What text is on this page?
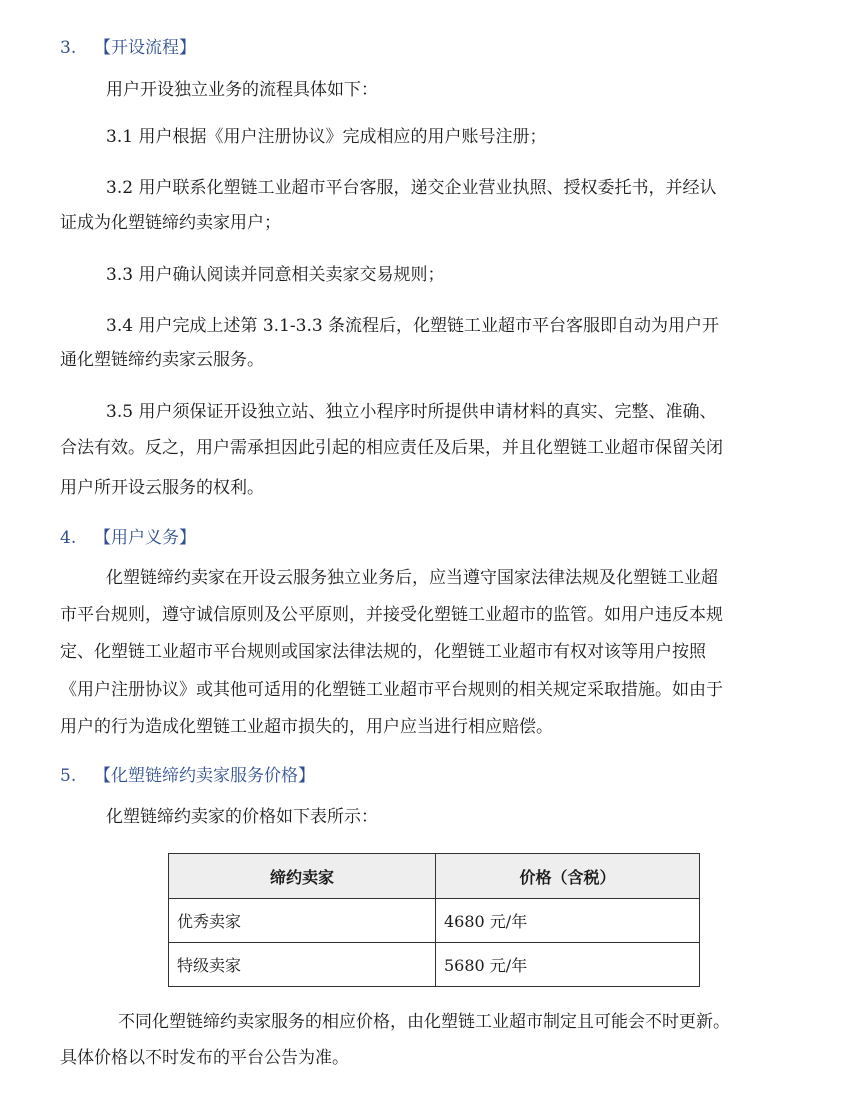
3. 【开设流程】
用户开设独立业务的流程具体如下：
3.1 用户根据《用户注册协议》完成相应的用户账号注册；
3.2 用户联系化塑链工业超市平台客服，递交企业营业执照、授权委托书，并经认
证成为化塑链缔约卖家用户；
3.3 用户确认阅读并同意相关卖家交易规则；
3.4 用户完成上述第 3.1-3.3 条流程后，化塑链工业超市平台客服即自动为用户开
通化塑链缔约卖家云服务。
3.5 用户须保证开设独立站、独立小程序时所提供申请材料的真实、完整、准确、
合法有效。反之，用户需承担因此引起的相应责任及后果，并且化塑链工业超市保留关闭
用户所开设云服务的权利。
4. 【用户义务】
化塑链缔约卖家在开设云服务独立业务后，应当遵守国家法律法规及化塑链工业超
市平台规则，遵守诚信原则及公平原则，并接受化塑链工业超市的监管。如用户违反本规
定、化塑链工业超市平台规则或国家法律法规的，化塑链工业超市有权对该等用户按照
《用户注册协议》或其他可适用的化塑链工业超市平台规则的相关规定采取措施。如由于
用户的行为造成化塑链工业超市损失的，用户应当进行相应赔偿。
5. 【化塑链缔约卖家服务价格】
化塑链缔约卖家的价格如下表所示：
缔约卖家	价格（含税）
优秀卖家	4680 元/年
特级卖家	5680 元/年
不同化塑链缔约卖家服务的相应价格，由化塑链工业超市制定且可能会不时更新。
具体价格以不时发布的平台公告为准。
